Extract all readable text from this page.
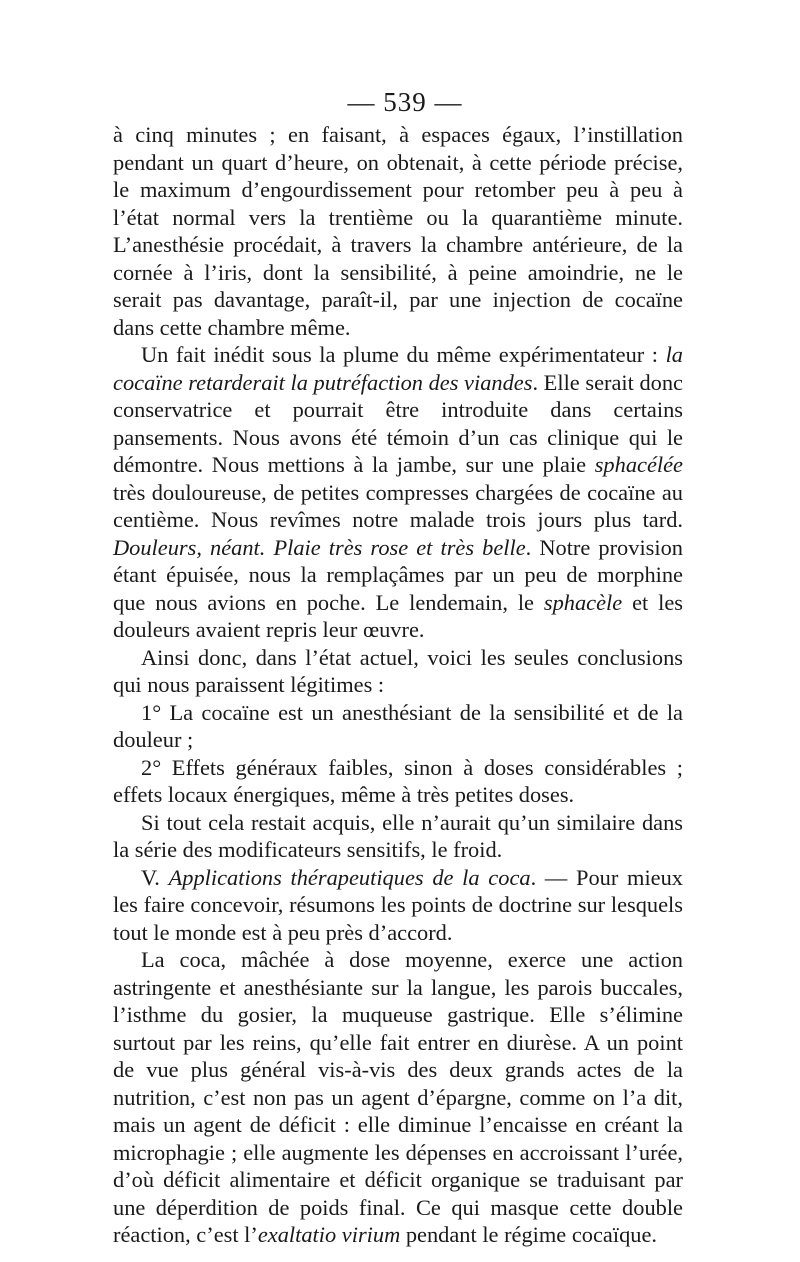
— 539 —

à cinq minutes ; en faisant, à espaces égaux, l’instillation pendant un quart d’heure, on obtenait, à cette période précise, le maximum d’engourdissement pour retomber peu à peu à l’état normal vers la trentième ou la quarantième minute. L’anesthésie procédait, à travers la chambre antérieure, de la cornée à l’iris, dont la sensibilité, à peine amoindrie, ne le serait pas davantage, paraît-il, par une injection de cocaïne dans cette chambre même.

Un fait inédit sous la plume du même expérimentateur : la cocaïne retarderait la putréfaction des viandes. Elle serait donc conservatrice et pourrait être introduite dans certains pansements. Nous avons été témoin d’un cas clinique qui le démontre. Nous mettions à la jambe, sur une plaie sphacélée très douloureuse, de petites compresses chargées de cocaïne au centième. Nous revîmes notre malade trois jours plus tard. Douleurs, néant. Plaie très rose et très belle. Notre provision étant épuisée, nous la remplaçâmes par un peu de morphine que nous avions en poche. Le lendemain, le sphacèle et les douleurs avaient repris leur œuvre.

Ainsi donc, dans l’état actuel, voici les seules conclusions qui nous paraissent légitimes :

1° La cocaïne est un anesthésiant de la sensibilité et de la douleur ;

2° Effets généraux faibles, sinon à doses considérables ; effets locaux énergiques, même à très petites doses.

Si tout cela restait acquis, elle n’aurait qu’un similaire dans la série des modificateurs sensitifs, le froid.

V. Applications thérapeutiques de la coca. — Pour mieux les faire concevoir, résumons les points de doctrine sur lesquels tout le monde est à peu près d’accord.

La coca, mâchée à dose moyenne, exerce une action astringente et anesthésiante sur la langue, les parois buccales, l’isthme du gosier, la muqueuse gastrique. Elle s’élimine surtout par les reins, qu’elle fait entrer en diurèse. A un point de vue plus général vis-à-vis des deux grands actes de la nutrition, c’est non pas un agent d’épargne, comme on l’a dit, mais un agent de déficit : elle diminue l’encaisse en créant la microphagie ; elle augmente les dépenses en accroissant l’urée, d’où déficit alimentaire et déficit organique se traduisant par une déperdition de poids final. Ce qui masque cette double réaction, c’est l’exaltatio virium pendant le régime cocaïque.
